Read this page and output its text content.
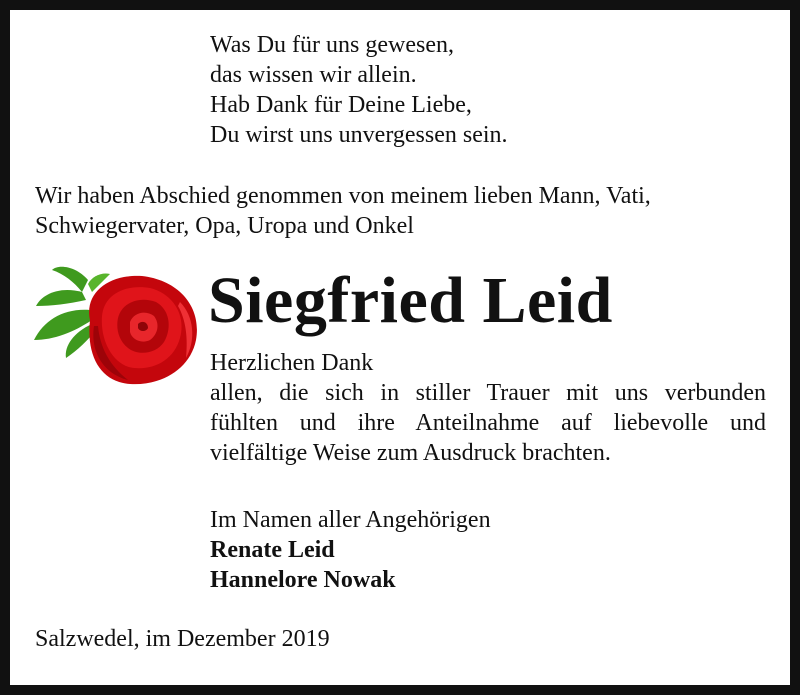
Was Du für uns gewesen,
das wissen wir allein.
Hab Dank für Deine Liebe,
Du wirst uns unvergessen sein.
Wir haben Abschied genommen von meinem lieben Mann, Vati,
Schwiegervater, Opa, Uropa und Onkel
Siegfried Leid
Herzlichen Dank
allen, die sich in stiller Trauer mit uns verbunden
fühlten und ihre Anteilnahme auf liebevolle und
vielfältige Weise zum Ausdruck brachten.
Im Namen aller Angehörigen
Renate Leid
Hannelore Nowak
Salzwedel, im Dezember 2019
